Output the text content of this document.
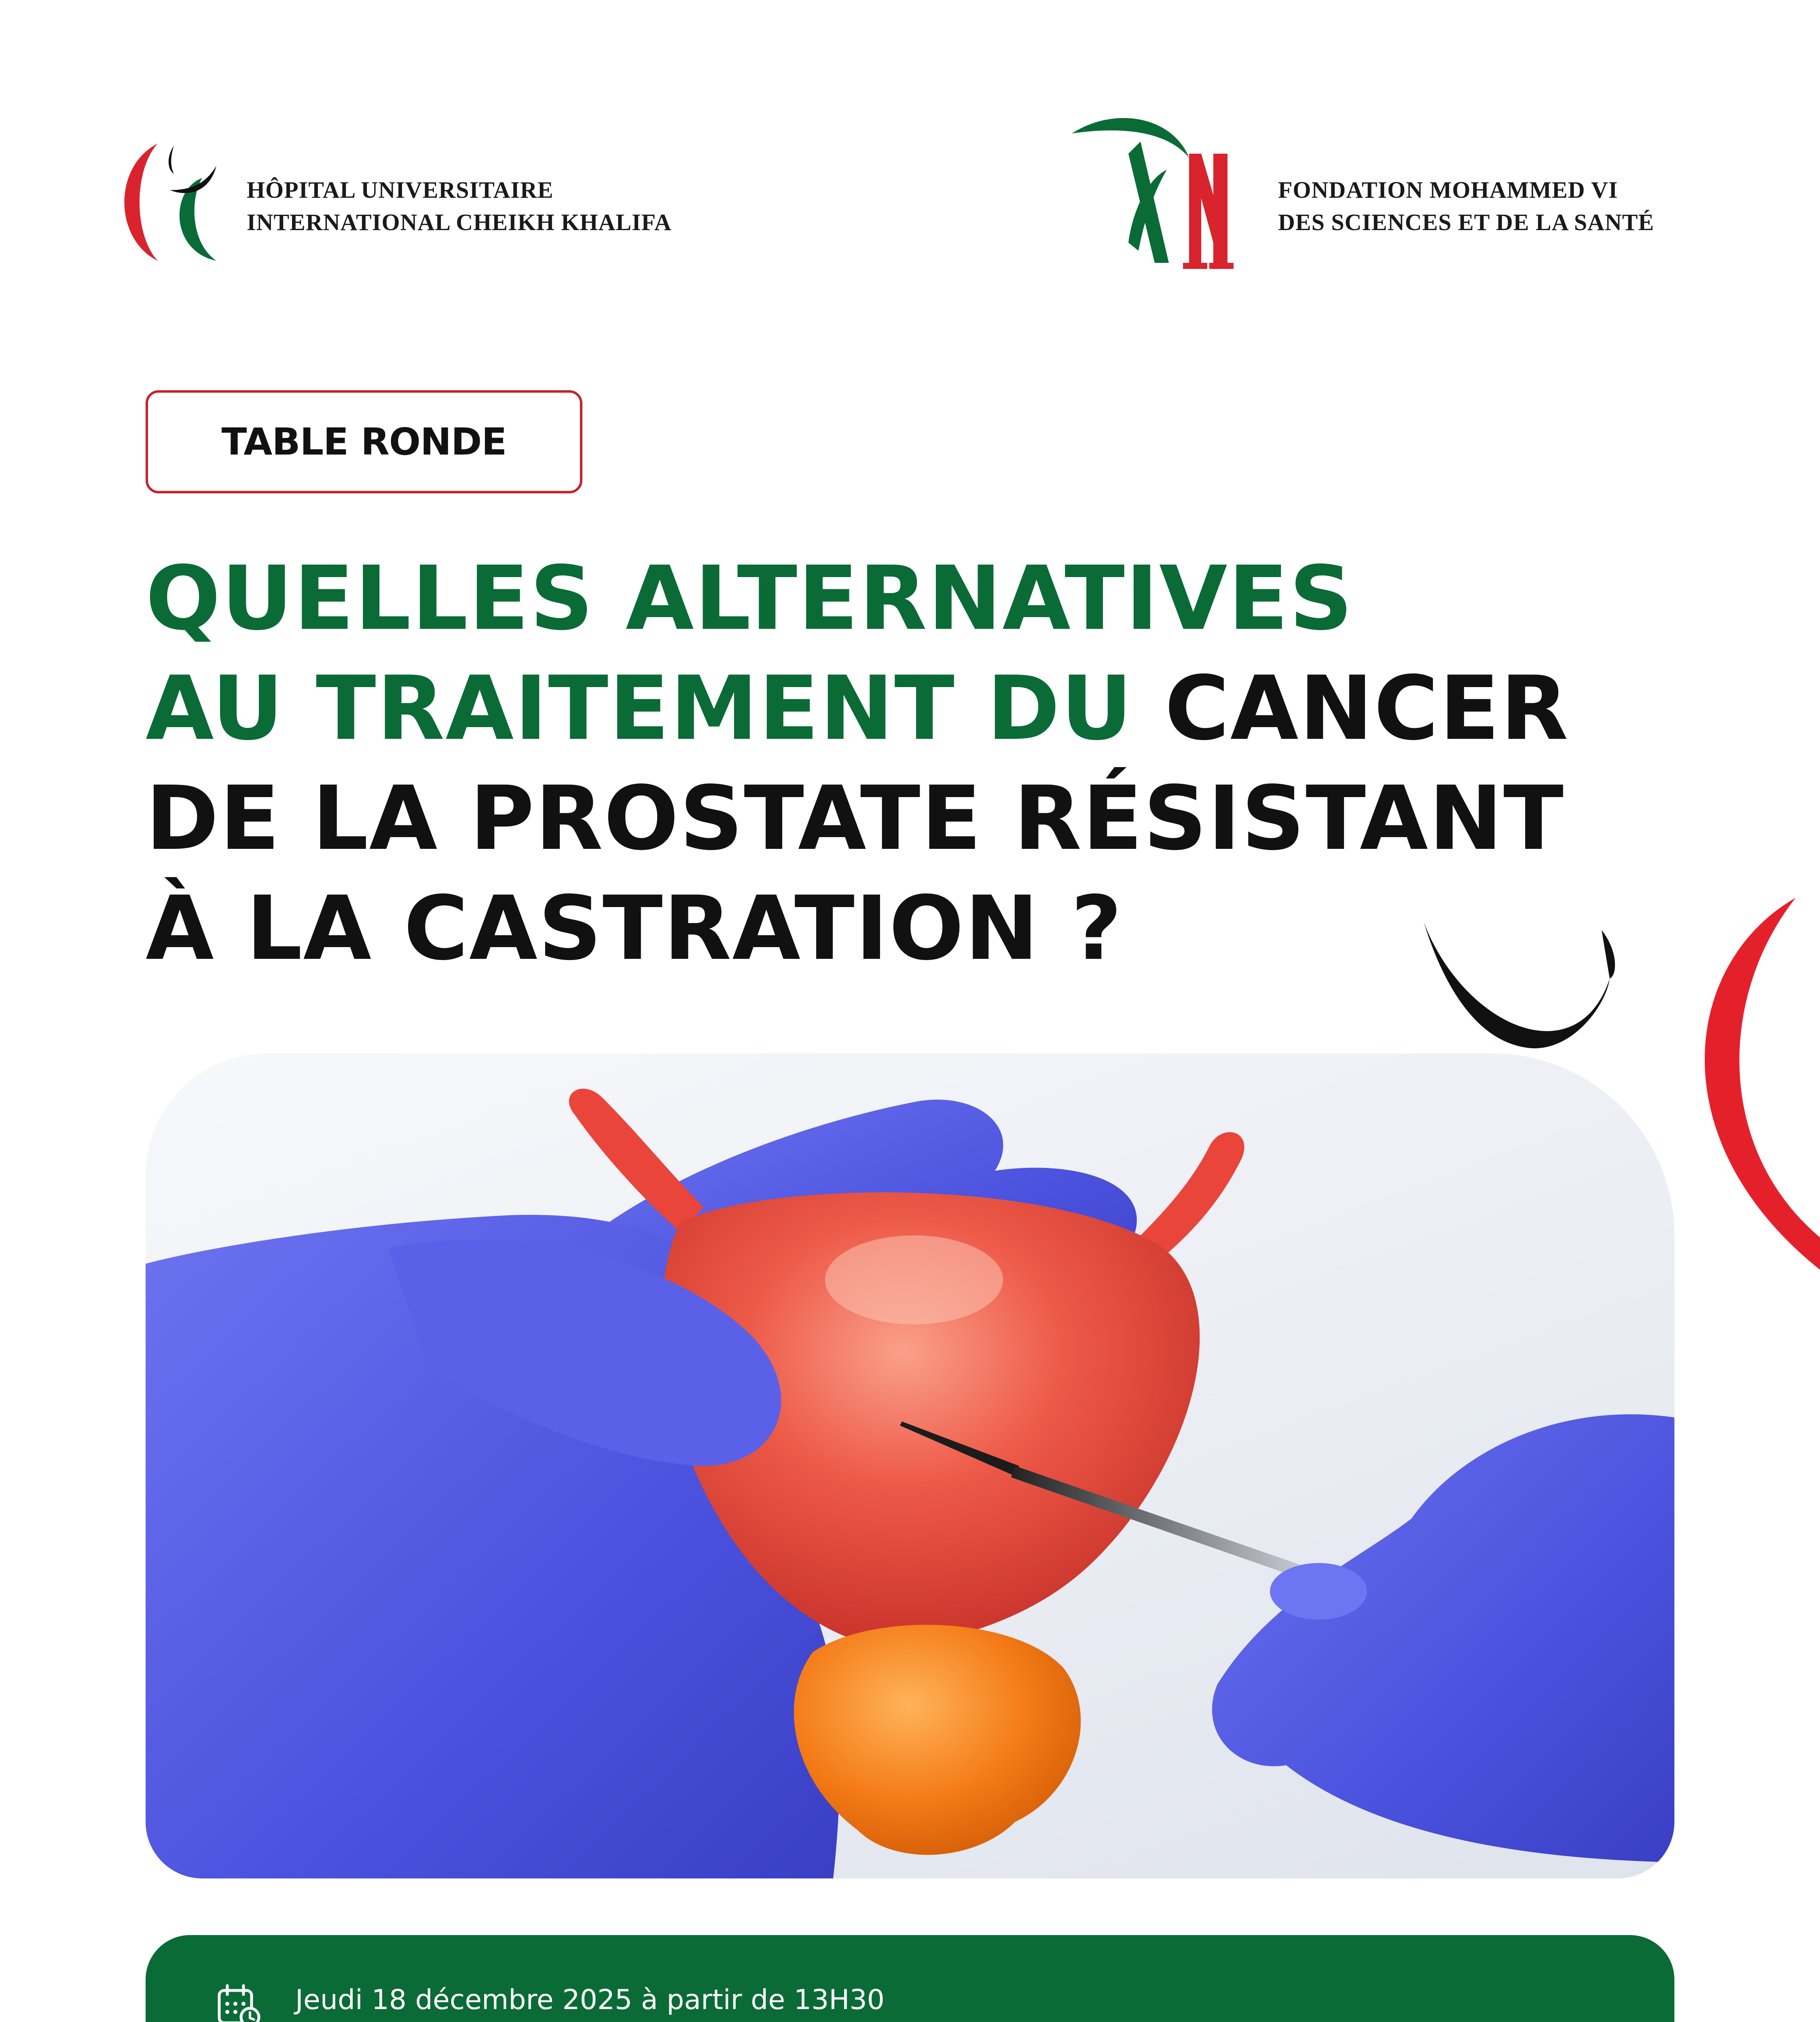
HÔPITAL UNIVERSITAIRE
INTERNATIONAL CHEIKH KHALIFA
FONDATION MOHAMMED VI
DES SCIENCES ET DE LA SANTÉ
TABLE RONDE
QUELLES ALTERNATIVES
AU TRAITEMENT DU CANCER
DE LA PROSTATE RÉSISTANT
À LA CASTRATION ?
Jeudi 18 décembre 2025 à partir de 13H30
